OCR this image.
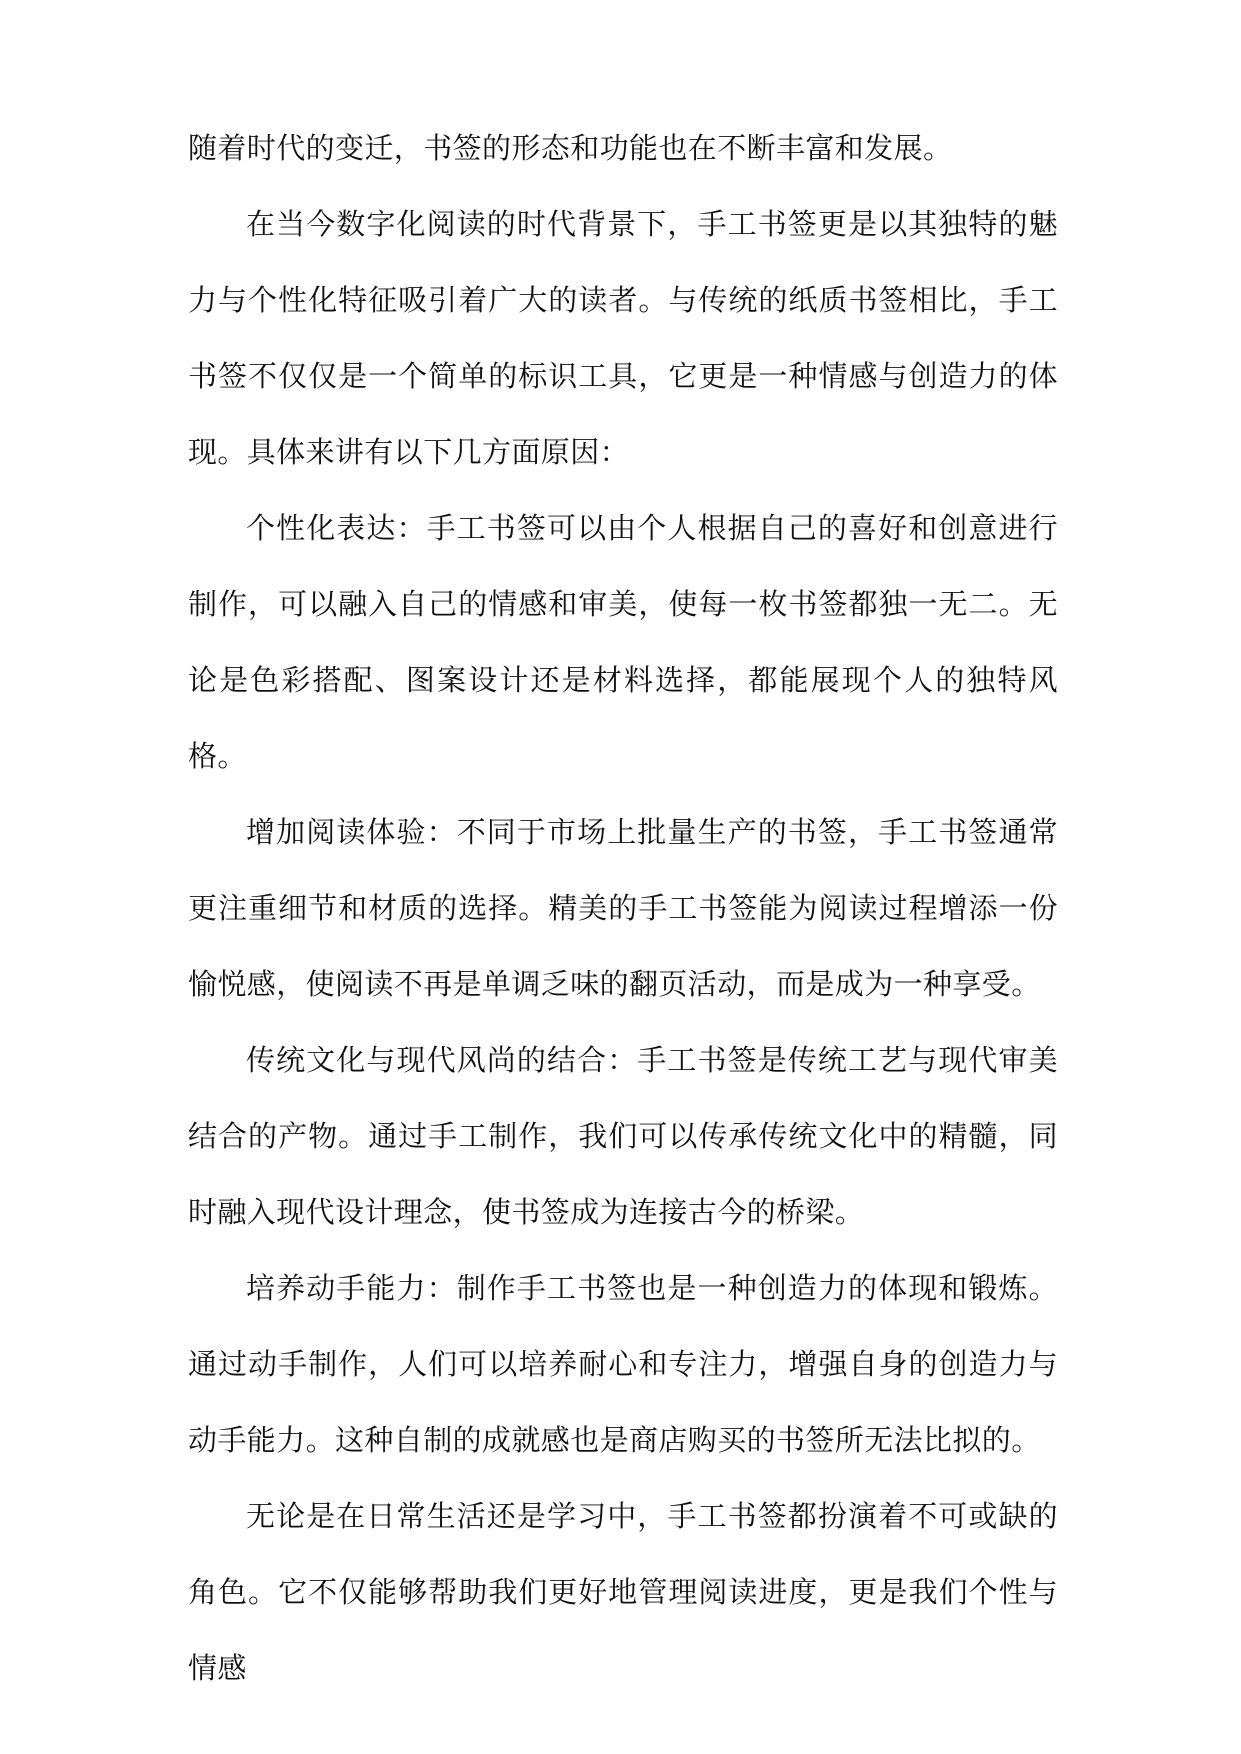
随着时代的变迁，书签的形态和功能也在不断丰富和发展。

在当今数字化阅读的时代背景下，手工书签更是以其独特的魅力与个性化特征吸引着广大的读者。与传统的纸质书签相比，手工书签不仅仅是一个简单的标识工具，它更是一种情感与创造力的体现。具体来讲有以下几方面原因：

个性化表达：手工书签可以由个人根据自己的喜好和创意进行制作，可以融入自己的情感和审美，使每一枚书签都独一无二。无论是色彩搭配、图案设计还是材料选择，都能展现个人的独特风格。

增加阅读体验：不同于市场上批量生产的书签，手工书签通常更注重细节和材质的选择。精美的手工书签能为阅读过程增添一份愉悦感，使阅读不再是单调乏味的翻页活动，而是成为一种享受。

传统文化与现代风尚的结合：手工书签是传统工艺与现代审美结合的产物。通过手工制作，我们可以传承传统文化中的精髓，同时融入现代设计理念，使书签成为连接古今的桥梁。

培养动手能力：制作手工书签也是一种创造力的体现和锻炼。通过动手制作，人们可以培养耐心和专注力，增强自身的创造力与动手能力。这种自制的成就感也是商店购买的书签所无法比拟的。

无论是在日常生活还是学习中，手工书签都扮演着不可或缺的角色。它不仅能够帮助我们更好地管理阅读进度，更是我们个性与情感
